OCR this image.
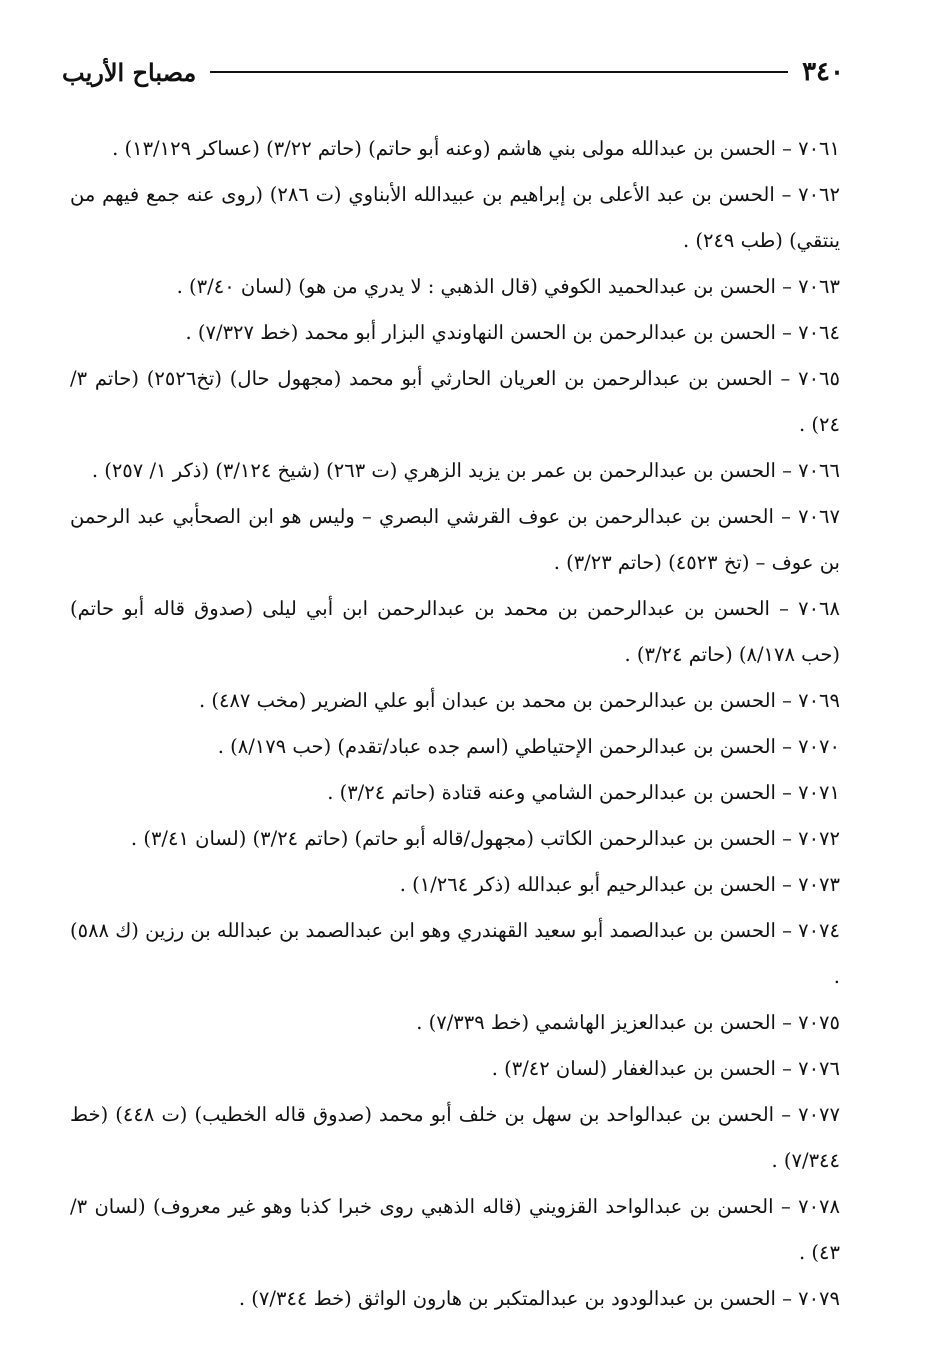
٣٤٠
مصباح الأريب
٧٠٦١ – الحسن بن عبدالله مولى بني هاشم (وعنه أبو حاتم) (حاتم ٣/٢٢) (عساكر ١٣/١٢٩) .
٧٠٦٢ – الحسن بن عبد الأعلى بن إبراهيم بن عبيدالله الأبناوي (ت ٢٨٦) (روى عنه جمع فيهم من ينتقي) (طب ٢٤٩) .
٧٠٦٣ – الحسن بن عبدالحميد الكوفي (قال الذهبي : لا يدري من هو) (لسان ٣/٤٠) .
٧٠٦٤ – الحسن بن عبدالرحمن بن الحسن النهاوندي البزار أبو محمد (خط ٧/٣٢٧) .
٧٠٦٥ – الحسن بن عبدالرحمن بن العريان الحارثي أبو محمد (مجهول حال) (تخ٢٥٢٦) (حاتم ٣/ ٢٤) .
٧٠٦٦ – الحسن بن عبدالرحمن بن عمر بن يزيد الزهري (ت ٢٦٣) (شيخ ٣/١٢٤) (ذكر ١/ ٢٥٧) .
٧٠٦٧ – الحسن بن عبدالرحمن بن عوف القرشي البصري – وليس هو ابن الصحأبي عبد الرحمن بن عوف – (تخ ٤٥٢٣) (حاتم ٣/٢٣) .
٧٠٦٨ – الحسن بن عبدالرحمن بن محمد بن عبدالرحمن ابن أبي ليلى (صدوق قاله أبو حاتم) (حب ٨/١٧٨) (حاتم ٣/٢٤) .
٧٠٦٩ – الحسن بن عبدالرحمن بن محمد بن عبدان أبو علي الضرير (مخب ٤٨٧) .
٧٠٧٠ – الحسن بن عبدالرحمن الإحتياطي (اسم جده عباد/تقدم) (حب ٨/١٧٩) .
٧٠٧١ – الحسن بن عبدالرحمن الشامي وعنه قتادة (حاتم ٣/٢٤) .
٧٠٧٢ – الحسن بن عبدالرحمن الكاتب (مجهول/قاله أبو حاتم) (حاتم ٣/٢٤) (لسان ٣/٤١) .
٧٠٧٣ – الحسن بن عبدالرحيم أبو عبدالله (ذكر ١/٢٦٤) .
٧٠٧٤ – الحسن بن عبدالصمد أبو سعيد القهندري وهو ابن عبدالصمد بن عبدالله بن رزين (ك ٥٨٨) .
٧٠٧٥ – الحسن بن عبدالعزيز الهاشمي (خط ٧/٣٣٩) .
٧٠٧٦ – الحسن بن عبدالغفار (لسان ٣/٤٢) .
٧٠٧٧ – الحسن بن عبدالواحد بن سهل بن خلف أبو محمد (صدوق قاله الخطيب) (ت ٤٤٨) (خط ٧/٣٤٤) .
٧٠٧٨ – الحسن بن عبدالواحد القزويني (قاله الذهبي روى خبرا كذبا وهو غير معروف) (لسان ٣/ ٤٣) .
٧٠٧٩ – الحسن بن عبدالودود بن عبدالمتكبر بن هارون الواثق (خط ٧/٣٤٤) .
